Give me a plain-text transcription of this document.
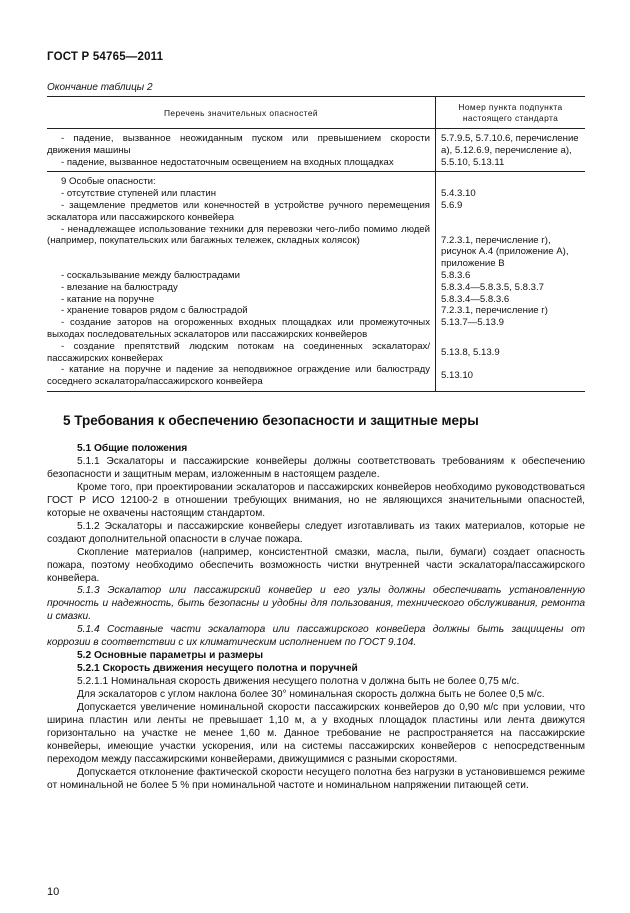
ГОСТ Р 54765—2011
Окончание таблицы 2
Перечень значительных опасностей	Номер пункта подпункта настоящего стандарта

- падение, вызванное неожиданным пуском или превышением скорости движения машины	5.7.9.5, 5.7.10.6, перечисление а), 5.12.6.9, перечисление а),

- падение, вызванное недостаточным освещением на входных площадках	5.5.10, 5.13.11

9 Особые опасности:	

- отсутствие ступеней или пластин	5.4.3.10

- защемление предметов или конечностей в устройстве ручного перемещения эскалатора или пассажирского конвейера	5.6.9

- ненадлежащее использование техники для перевозки чего-либо помимо людей (например, покупательских или багажных тележек, складных колясок)	7.2.3.1, перечисление г), рисунок А.4 (приложение А), приложение В

- соскальзывание между балюстрадами	5.8.3.6

- влезание на балюстраду	5.8.3.4—5.8.3.5, 5.8.3.7

- катание на поручне	5.8.3.4—5.8.3.6

- хранение товаров рядом с балюстрадой	7.2.3.1, перечисление г)

- создание заторов на огороженных входных площадках или промежуточных выходах последовательных эскалаторов или пассажирских конвейеров	5.13.7—5.13.9

- создание препятствий людским потокам на соединенных эскалаторах/пассажирских конвейерах	5.13.8, 5.13.9

- катание на поручне и падение за неподвижное ограждение или балюстраду соседнего эскалатора/пассажирского конвейера	5.13.10
5 Требования к обеспечению безопасности и защитные меры

5.1 Общие положения

5.1.1 Эскалаторы и пассажирские конвейеры должны соответствовать требованиям к обеспечению безопасности и защитным мерам, изложенным в настоящем разделе.

Кроме того, при проектировании эскалаторов и пассажирских конвейеров необходимо руководствоваться ГОСТ Р ИСО 12100-2 в отношении требующих внимания, но не являющихся значительными опасностей, которые не охвачены настоящим стандартом.

5.1.2 Эскалаторы и пассажирские конвейеры следует изготавливать из таких материалов, которые не создают дополнительной опасности в случае пожара.

Скопление материалов (например, консистентной смазки, масла, пыли, бумаги) создает опасность пожара, поэтому необходимо обеспечить возможность чистки внутренней части эскалатора/пассажирского конвейера.

5.1.3 Эскалатор или пассажирский конвейер и его узлы должны обеспечивать установленную прочность и надежность, быть безопасны и удобны для пользования, технического обслуживания, ремонта и смазки.

5.1.4 Составные части эскалатора или пассажирского конвейера должны быть защищены от коррозии в соответствии с их климатическим исполнением по ГОСТ 9.104.

5.2 Основные параметры и размеры

5.2.1 Скорость движения несущего полотна и поручней

5.2.1.1 Номинальная скорость движения несущего полотна ν должна быть не более 0,75 м/с.

Для эскалаторов с углом наклона более 30° номинальная скорость должна быть не более 0,5 м/с.

Допускается увеличение номинальной скорости пассажирских конвейеров до 0,90 м/с при условии, что ширина пластин или ленты не превышает 1,10 м, а у входных площадок пластины или лента движутся горизонтально на участке не менее 1,60 м. Данное требование не распространяется на пассажирские конвейеры, имеющие участки ускорения, или на системы пассажирских конвейеров с непосредственным переходом между пассажирскими конвейерами, движущимися с разными скоростями.

Допускается отклонение фактической скорости несущего полотна без нагрузки в установившемся режиме от номинальной не более 5 % при номинальной частоте и номинальном напряжении питающей сети.

10
